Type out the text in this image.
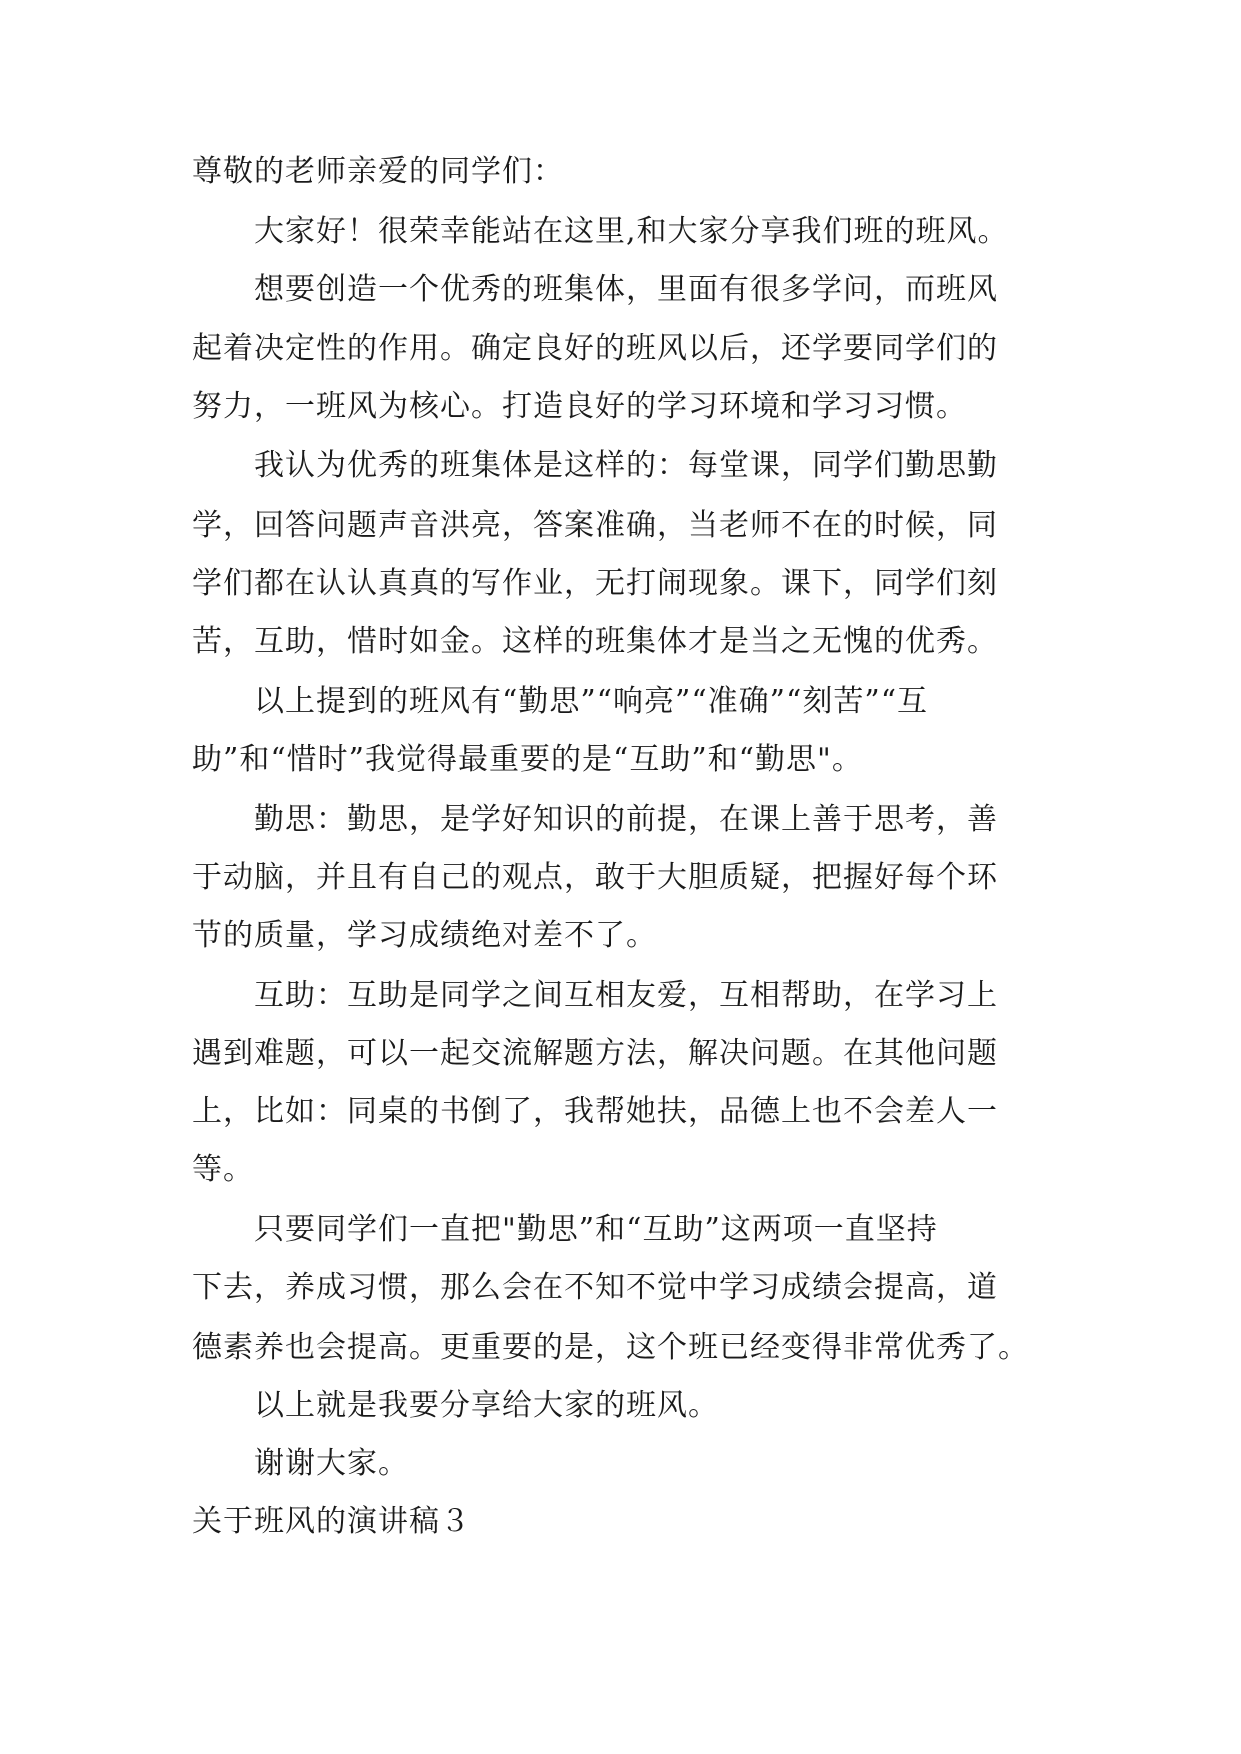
尊敬的老师亲爱的同学们：
大家好！很荣幸能站在这里,和大家分享我们班的班风。
想要创造一个优秀的班集体，里面有很多学问，而班风
起着决定性的作用。确定良好的班风以后，还学要同学们的
努力，一班风为核心。打造良好的学习环境和学习习惯。
我认为优秀的班集体是这样的：每堂课，同学们勤思勤
学，回答问题声音洪亮，答案准确，当老师不在的时候，同
学们都在认认真真的写作业，无打闹现象。课下，同学们刻
苦，互助，惜时如金。这样的班集体才是当之无愧的优秀。
以上提到的班风有“勤思”“响亮”“准确”“刻苦”“互
助”和“惜时”我觉得最重要的是“互助”和“勤思"。
勤思：勤思，是学好知识的前提，在课上善于思考，善
于动脑，并且有自己的观点，敢于大胆质疑，把握好每个环
节的质量，学习成绩绝对差不了。
互助：互助是同学之间互相友爱，互相帮助，在学习上
遇到难题，可以一起交流解题方法，解决问题。在其他问题
上，比如：同桌的书倒了，我帮她扶，品德上也不会差人一
等。
只要同学们一直把"勤思”和“互助”这两项一直坚持
下去，养成习惯，那么会在不知不觉中学习成绩会提高，道
德素养也会提高。更重要的是，这个班已经变得非常优秀了。
以上就是我要分享给大家的班风。
谢谢大家。
关于班风的演讲稿３
